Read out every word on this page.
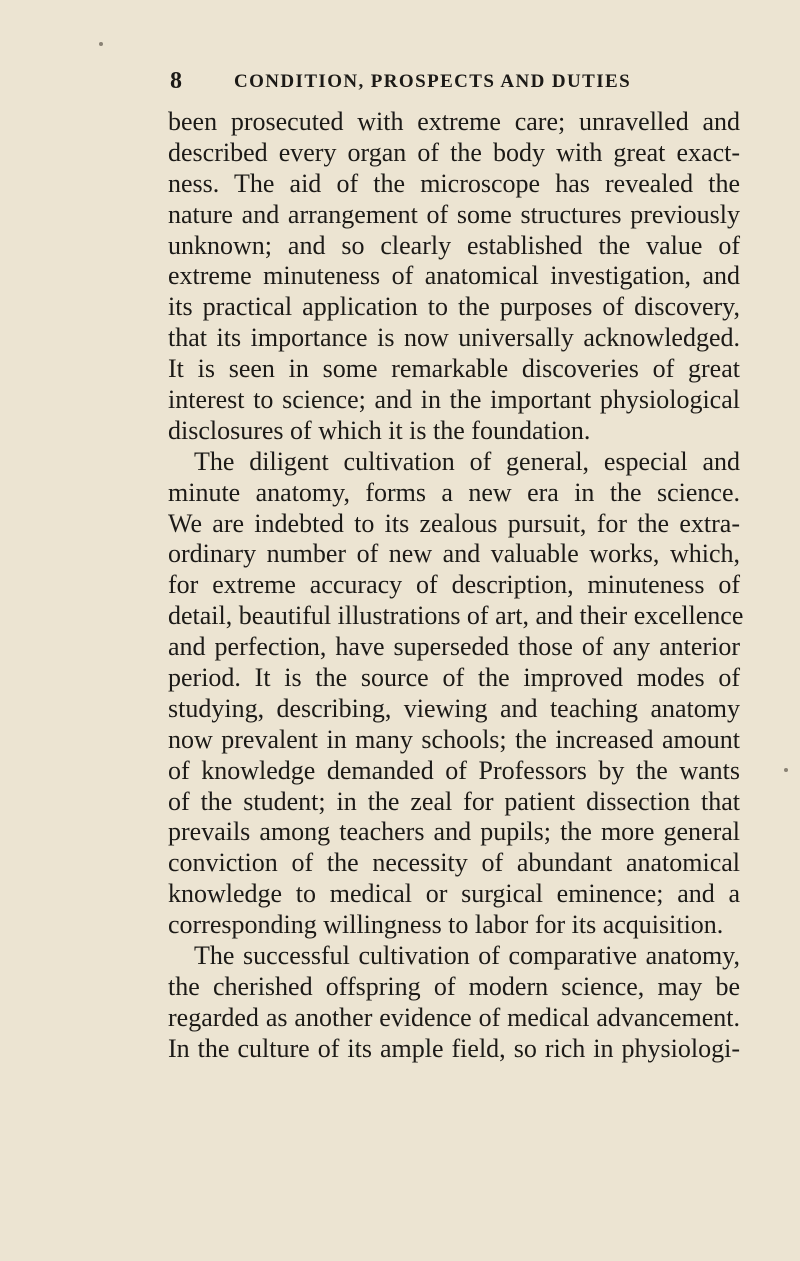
8	CONDITION, PROSPECTS AND DUTIES
been prosecuted with extreme care; unravelled and
described every organ of the body with great exact-
ness. The aid of the microscope has revealed the
nature and arrangement of some structures previously
unknown; and so clearly established the value of
extreme minuteness of anatomical investigation, and
its practical application to the purposes of discovery,
that its importance is now universally acknowledged.
It is seen in some remarkable discoveries of great
interest to science; and in the important physiological
disclosures of which it is the foundation.
The diligent cultivation of general, especial and
minute anatomy, forms a new era in the science.
We are indebted to its zealous pursuit, for the extra-
ordinary number of new and valuable works, which,
for extreme accuracy of description, minuteness of
detail, beautiful illustrations of art, and their excellence
and perfection, have superseded those of any anterior
period. It is the source of the improved modes of
studying, describing, viewing and teaching anatomy
now prevalent in many schools; the increased amount
of knowledge demanded of Professors by the wants
of the student; in the zeal for patient dissection that
prevails among teachers and pupils; the more general
conviction of the necessity of abundant anatomical
knowledge to medical or surgical eminence; and a
corresponding willingness to labor for its acquisition.
The successful cultivation of comparative anatomy,
the cherished offspring of modern science, may be
regarded as another evidence of medical advancement.
In the culture of its ample field, so rich in physiologi-
